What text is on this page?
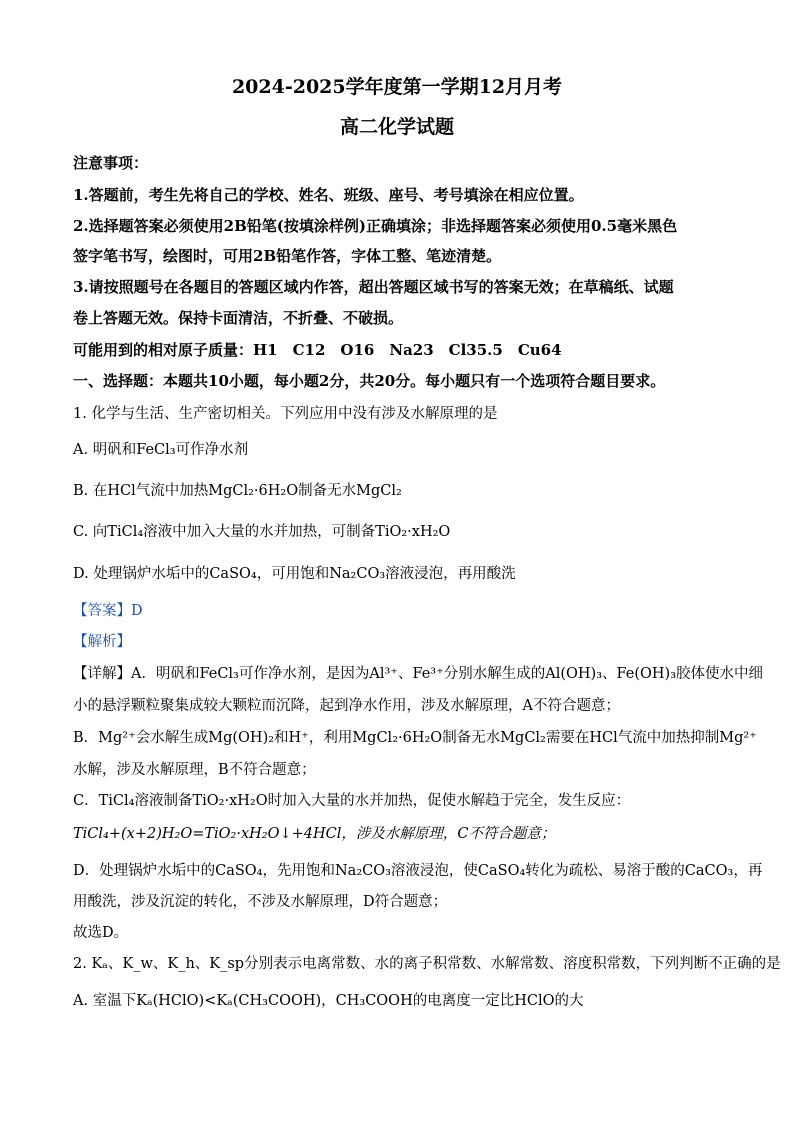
2024-2025学年度第一学期12月月考
高二化学试题
注意事项：
1.答题前，考生先将自己的学校、姓名、班级、座号、考号填涂在相应位置。
2.选择题答案必须使用2B铅笔(按填涂样例)正确填涂；非选择题答案必须使用0.5毫米黑色
签字笔书写，绘图时，可用2B铅笔作答，字体工整、笔迹清楚。
3.请按照题号在各题目的答题区域内作答，超出答题区域书写的答案无效；在草稿纸、试题
卷上答题无效。保持卡面清洁，不折叠、不破损。
可能用到的相对原子质量：H1　C12　O16　Na23　Cl35.5　Cu64
一、选择题：本题共10小题，每小题2分，共20分。每小题只有一个选项符合题目要求。
1. 化学与生活、生产密切相关。下列应用中没有涉及水解原理的是
A. 明矾和FeCl₃可作净水剂
B. 在HCl气流中加热MgCl₂·6H₂O制备无水MgCl₂
C. 向TiCl₄溶液中加入大量的水并加热，可制备TiO₂·xH₂O
D. 处理锅炉水垢中的CaSO₄，可用饱和Na₂CO₃溶液浸泡，再用酸洗
【答案】D
【解析】
【详解】A．明矾和FeCl₃可作净水剂，是因为Al³⁺、Fe³⁺分别水解生成的Al(OH)₃、Fe(OH)₃胶体使水中细
小的悬浮颗粒聚集成较大颗粒而沉降，起到净水作用，涉及水解原理，A不符合题意；
B．Mg²⁺会水解生成Mg(OH)₂和H⁺，利用MgCl₂·6H₂O制备无水MgCl₂需要在HCl气流中加热抑制Mg²⁺
水解，涉及水解原理，B不符合题意；
C．TiCl₄溶液制备TiO₂·xH₂O时加入大量的水并加热，促使水解趋于完全，发生反应：
TiCl₄+(x+2)H₂O=TiO₂·xH₂O↓+4HCl，涉及水解原理，C不符合题意；
D．处理锅炉水垢中的CaSO₄，先用饱和Na₂CO₃溶液浸泡，使CaSO₄转化为疏松、易溶于酸的CaCO₃，再
用酸洗，涉及沉淀的转化，不涉及水解原理，D符合题意；
故选D。
2. Kₐ、K_w、K_h、K_sp分别表示电离常数、水的离子积常数、水解常数、溶度积常数，下列判断不正确的是
A. 室温下Kₐ(HClO)<Kₐ(CH₃COOH)，CH₃COOH的电离度一定比HClO的大
